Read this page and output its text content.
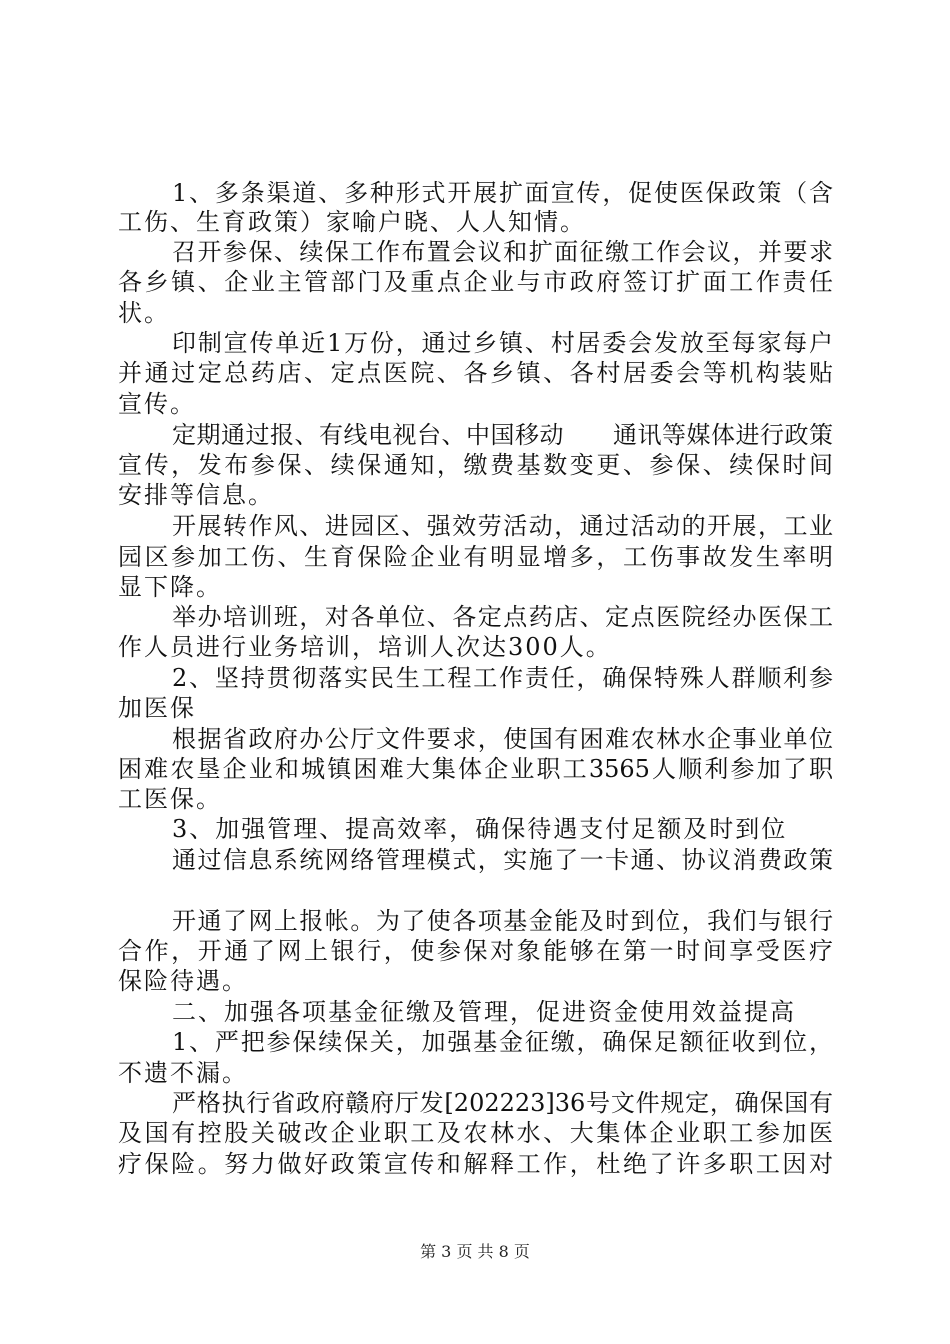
1、多条渠道、多种形式开展扩面宣传，促使医保政策（含
工伤、生育政策）家喻户晓、人人知情。
召开参保、续保工作布置会议和扩面征缴工作会议，并要求
各乡镇、企业主管部门及重点企业与市政府签订扩面工作责任
状。
印制宣传单近1万份，通过乡镇、村居委会发放至每家每户
并通过定总药店、定点医院、各乡镇、各村居委会等机构装贴
宣传。
定期通过报、有线电视台、中国移动　　通讯等媒体进行政策
宣传，发布参保、续保通知，缴费基数变更、参保、续保时间
安排等信息。
开展转作风、进园区、强效劳活动，通过活动的开展，工业
园区参加工伤、生育保险企业有明显增多，工伤事故发生率明
显下降。
举办培训班，对各单位、各定点药店、定点医院经办医保工
作人员进行业务培训，培训人次达300人。
2、坚持贯彻落实民生工程工作责任，确保特殊人群顺利参
加医保
根据省政府办公厅文件要求，使国有困难农林水企事业单位
困难农垦企业和城镇困难大集体企业职工3565人顺利参加了职
工医保。
3、加强管理、提高效率，确保待遇支付足额及时到位
通过信息系统网络管理模式，实施了一卡通、协议消费政策
开通了网上报帐。为了使各项基金能及时到位，我们与银行
合作，开通了网上银行，使参保对象能够在第一时间享受医疗
保险待遇。
二、加强各项基金征缴及管理，促进资金使用效益提高
1、严把参保续保关，加强基金征缴，确保足额征收到位，
不遗不漏。
严格执行省政府赣府厅发[202223]36号文件规定，确保国有
及国有控股关破改企业职工及农林水、大集体企业职工参加医
疗保险。努力做好政策宣传和解释工作，杜绝了许多职工因对
第 3 页 共 8 页
